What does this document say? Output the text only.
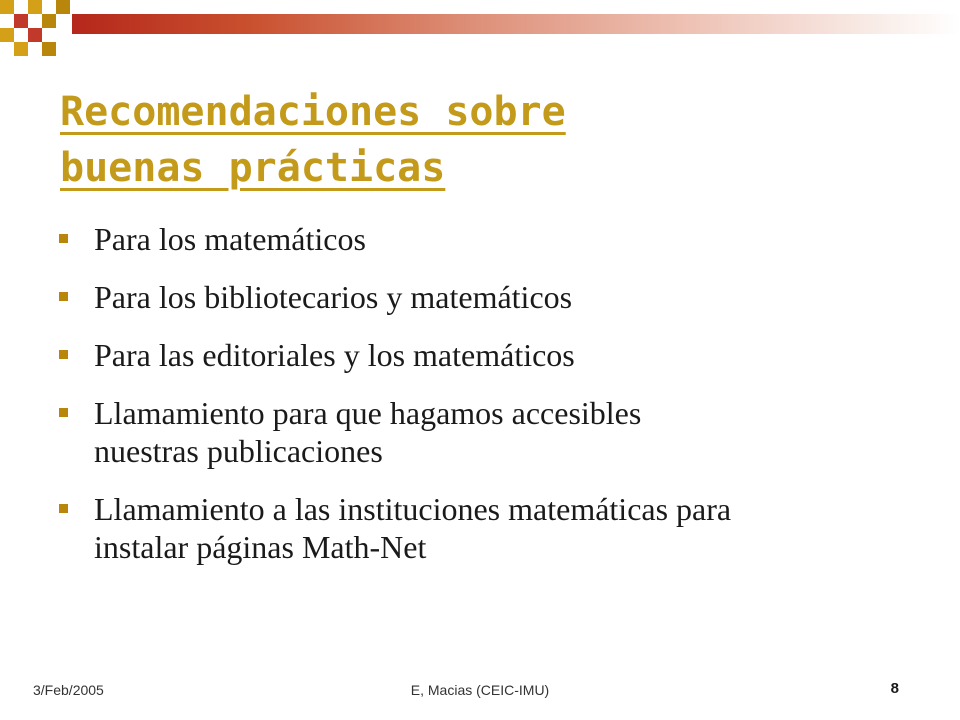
Recomendaciones sobre
buenas prácticas
Para los matemáticos
Para los bibliotecarios y matemáticos
Para las editoriales y los matemáticos
Llamamiento para que hagamos accesibles
nuestras publicaciones
Llamamiento a las instituciones matemáticas para
instalar páginas Math-Net
3/Feb/2005	E, Macias (CEIC-IMU)	8
